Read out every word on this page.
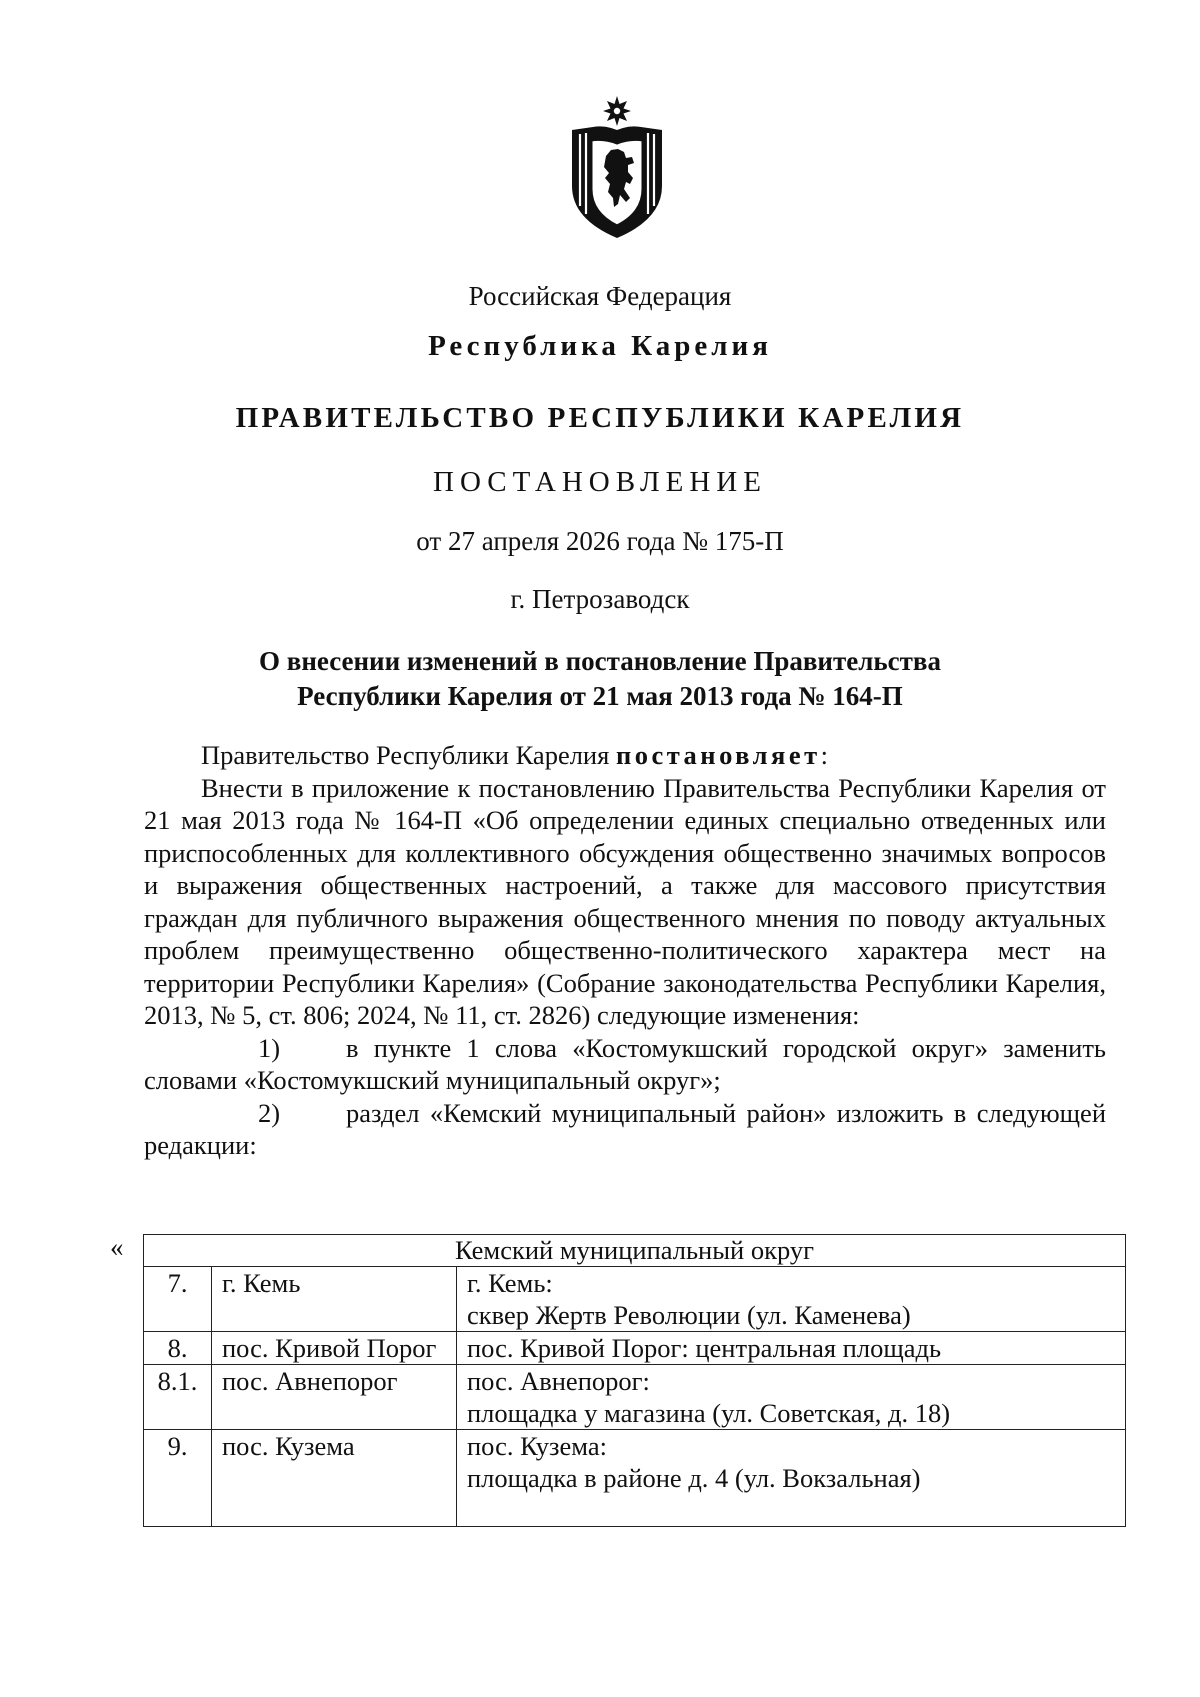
Российская Федерация
Республика Карелия
ПРАВИТЕЛЬСТВО РЕСПУБЛИКИ КАРЕЛИЯ
ПОСТАНОВЛЕНИЕ
от 27 апреля 2026 года № 175-П
г. Петрозаводск
О внесении изменений в постановление Правительства
Республики Карелия от 21 мая 2013 года № 164-П

Правительство Республики Карелия постановляет:

Внести в приложение к постановлению Правительства Республики Карелия от 21 мая 2013 года № 164-П «Об определении единых специально отведенных или приспособленных для коллективного обсуждения общественно значимых вопросов и выражения общественных настроений, а также для массового присутствия граждан для публичного выражения общественного мнения по поводу актуальных проблем преимущественно общественно-политического характера мест на территории Республики Карелия» (Собрание законодательства Республики Карелия, 2013, № 5, ст. 806; 2024, № 11, ст. 2826) следующие изменения:

1) в пункте 1 слова «Костомукшский городской округ» заменить словами «Костомукшский муниципальный округ»;

2) раздел «Кемский муниципальный район» изложить в следующей редакции:

«	Кемский муниципальный округ		
7.	г. Кемь	г. Кемь:
сквер Жертв Революции (ул. Каменева)

8.	пос. Кривой Порог	пос. Кривой Порог: центральная площадь

8.1.	пос. Авнепорог	пос. Авнепорог:
площадка у магазина (ул. Советская, д. 18)

9.	пос. Кузема	пос. Кузема:
площадка в районе д. 4 (ул. Вокзальная)
